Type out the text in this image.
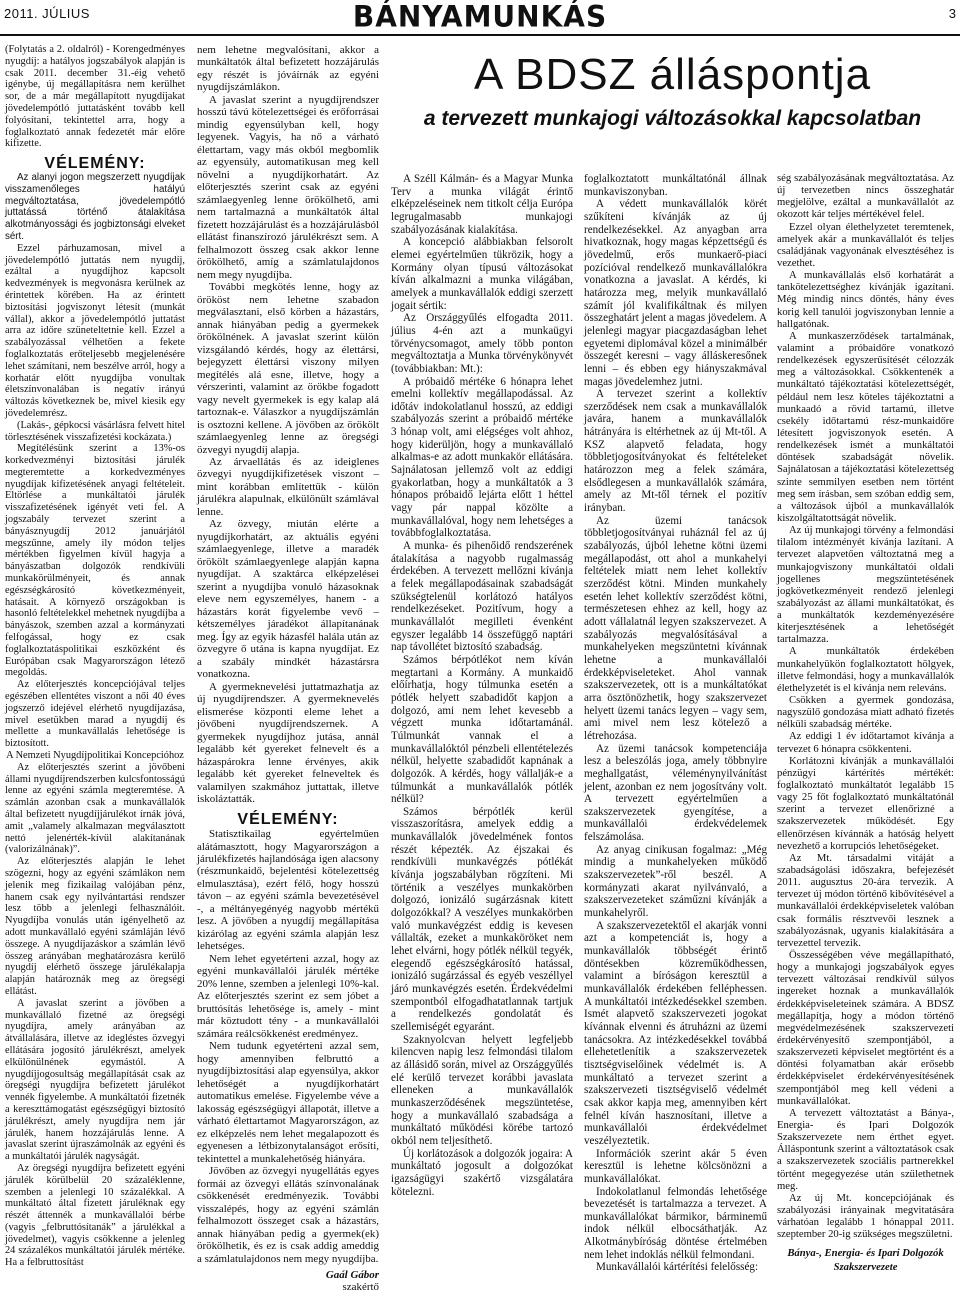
2011. JÚLIUS	BÁNYAMUNKÁS	3

(Folytatás a 2. oldalról) - Korengedményes nyugdíj: a hatályos jogszabályok alapján is csak 2011. december 31.-éig vehető igénybe, új megállapításra nem kerülhet sor, de a már megállapított nyugdíjakat jövedelempótló juttatásként tovább kell folyósítani, tekintettel arra, hogy a foglalkoztató annak fedezetét már előre kifizette.

VÉLEMÉNY:

Az alanyi jogon megszerzett nyugdíjak visszamenőleges hatályú megváltoztatása, jövedelempótló juttatássá történő átalakítása alkotmányossági és jogbiztonsági elveket sért.

Ezzel párhuzamosan, mivel a jövedelempótló juttatás nem nyugdíj, ezáltal a nyugdíjhoz kapcsolt kedvezmények is megvonásra kerülnek az érintettek körében. Ha az érintett biztosítási jogviszonyt létesít (munkát vállal), akkor a jövedelempótló juttatást arra az időre szüneteltetnie kell. Ezzel a szabályozással vélhetően a fekete foglalkoztatás erőteljesebb megjelenésére lehet számítani, nem beszélve arról, hogy a korhatár előtt nyugdíjba vonultak életszínvonalában is negatív irányú változás következnek be, mivel kiesik egy jövedelemrész.

(Lakás-, gépkocsi vásárlásra felvett hitel törlesztésének visszafizetési kockázata.)

Megítélésünk szerint a 13%-os korkedvezményi biztosítási járulék megteremtette a korkedvezményes nyugdíjak kifizetésének anyagi feltételeit. Eltörlése a munkáltatói járulék visszafizetésének igényét veti fel. A jogszabály tervezet szerint a bányásznyugdíj 2012 januárjától megszűnne, amely ily módon teljes mértékben figyelmen kívül hagyja a bányászatban dolgozók rendkívüli munkakörülményeit, és annak egészségkárosító következményeit, hatásait. A környező országokban is hasonló feltételekkel mehetnek nyugdíjba a bányászok, szemben azzal a kormányzati felfogással, hogy ez csak foglalkoztatáspolitikai eszközként és Európában csak Magyarországon létező megoldás.

Az előterjesztés koncepciójával teljes egészében ellentétes viszont a női 40 éves jogszerző idejével elérhető nyugdíjazása, mivel esetükben marad a nyugdíj és mellette a munkavállalás lehetősége is biztosított.

A Nemzeti Nyugdíjpolitikai Koncepcióhoz

Az előterjesztés szerint a jövőbeni állami nyugdíjrendszerben kulcsfontosságú lenne az egyéni számla megteremtése. A számlán azonban csak a munkavállalók által befizetett nyugdíjjárulékot írnák jóvá, amit „valamely alkalmazan megválasztott nettó jelenérték-kívül alakítanának (valorizálnának)”.

Az előterjesztés alapján le lehet szögezni, hogy az egyéni számlákon nem jelenik meg fizikailag valójában pénz, hanem csak egy nyilvántartási rendszer lesz több a jelenlegi felhasználóit. Nyugdíjba vonulás után igényelhető az adott munkavállaló egyéni számláján lévő összege. A nyugdíjazáskor a számlán lévő összeg arányában meghatározásra kerülő nyugdíj elérhető összege járulékalapja alapján határoznák meg az öregségi ellátást.

A javaslat szerint a jövőben a munkavállaló fizetné az öregségi nyugdíjra, amely arányában az átvállalására, illetve az idegléstes özvegyi ellátására jogosító járulékrészt, amelyek elkülönülnének egymástól. A nyugdíjjogosultság megállapítását csak az öregségi nyugdíjra befizetett járulékot vennék figyelembe. A munkáltatói fizetnék a kereszttámogatást egészségügyi biztosító járulékrészt, amely nyugdíjra nem jár járulék, hanem hozzájárulás lenne. A javaslat szerint újraszámolnák az egyéni és a munkáltatói járulék nagyságát.

Az öregségi nyugdíjra befizetett egyéni járulék körülbelül 20 százaléklenne, szemben a jelenlegi 10 százalékkal. A munkáltató által fizetett járuléknak egy részét áttennék a munkavállalói bérbe (vagyis „felbruttósítanák” a járulékkal a jövedelmet), vagyis csökkenne a jelenleg 24 százalékos munkáltatói járulék mértéke. Ha a felbruttosítást

nem lehetne megvalósítani, akkor a munkáltatók által befizetett hozzájárulás egy részét is jóváírnák az egyéni nyugdíjszámlákon.

A javaslat szerint a nyugdíjrendszer hosszú távú kötelezettségei és erőforrásai mindig egyensúlyban kell, hogy legyenek. Vagyis, ha nő a várható élettartam, vagy más okból megbomlik az egyensúly, automatikusan meg kell növelni a nyugdíjkorhatárt. Az előterjesztés szerint csak az egyéni számlaegyenleg lenne örökölhető, ami nem tartalmazná a munkáltatók által fizetett hozzájárulást és a hozzájárulásból ellátást finanszírozó járulékrészt sem. A felhalmozott összeg csak akkor lenne örökölhető, amíg a számlatulajdonos nem megy nyugdíjba.

További megkötés lenne, hogy az örököst nem lehetne szabadon megválasztani, első körben a házastárs, annak hiányában pedig a gyermekek örökölnének. A javaslat szerint külön vizsgálandó kérdés, hogy az élettársi, bejegyzett élettársi viszony milyen megítélés alá esne, illetve, hogy a vérszerinti, valamint az örökbe fogadott vagy nevelt gyermekek is egy kalap alá tartoznak-e. Válaszkor a nyugdíjszámlán is osztozni kellene. A jövőben az örökölt számlaegyenleg lenne az öregségi özvegyi nyugdíj alapja.

Az árvaellátás és az ideiglenes özvegyi nyugdíjkifizetések viszont – mint korábban említettük - külön járulékra alapulnak, elkülönült számlával lenne.

Az özvegy, miután elérte a nyugdíjkorhatárt, az aktuális egyéni számlaegyenlege, illetve a maradék örökölt számlaegyenlege alapján kapna nyugdíjat. A szaktárca elképzelései szerint a nyugdíjba vonuló házasoknak eleve nem egyszemélyes, hanem - a házastárs korát figyelembe vevő – kétszemélyes járadékot állapítanának meg. Így az egyik házasfél halála után az özvegyre ő utána is kapna nyugdíjat. Ez a szabály mindkét házastársra vonatkozna.

A gyermeknevelési juttatmazhatja az új nyugdíjrendszer. A gyermeknevelés elismerése központi eleme lehet a jövőbeni nyugdíjrendszernek. A gyermekek nyugdíjhoz jutása, annál legalább két gyereket felnevelt és a házaspárokra lenne érvényes, akik legalább két gyereket felneveltek és valamilyen szakmához juttattak, illetve iskoláztatták.

VÉLEMÉNY:

Statisztikailag egyértelműen alátámasztott, hogy Magyarországon a járulékfizetés hajlandósága igen alacsony (részmunkaidő, bejelentési kötelezettség elmulasztása), ezért félő, hogy hosszú távon – az egyéni számla bevezetésével -, a méltányegényég nagyobb mértékű lesz. A jövőben a nyugdíj megállapítása kizárólag az egyéni számla alapján lesz lehetséges.

Nem lehet egyetérteni azzal, hogy az egyéni munkavállalói járulék mértéke 20% lenne, szemben a jelenlegi 10%-kal. Az előterjesztés szerint ez sem jóbet a bruttósítás lehetősége is, amely - mint már köztudott tény - a munkavállalói számára reálcsökkenést eredményez.

Nem tudunk egyetérteni azzal sem, hogy amennyiben felbruttó a nyugdíjbiztosítási alap egyensúlya, akkor lehetőségét a nyugdíjkorhatárt automatikus emelése. Figyelembe véve a lakosság egészségügyi állapotát, illetve a várható élettartamot Magyarországon, az ez elképzelés nem lehet megalapozott és egyenesen a létbizonytalanságot erősíti, tekintettel a munkalehetőség hiányára.

Jövőben az özvegyi nyugellátás egyes formái az özvegyi ellátás színvonalának csökkenését eredményezik. További visszalépés, hogy az egyéni számlán felhalmozott összeget csak a házastárs, annak hiányában pedig a gyermek(ek) örökölhetik, és ez is csak addig ameddig a számlatulajdonos nem megy nyugdíjba.

Gaál Gábor
szakértő
A BDSZ álláspontja
a tervezett munkajogi változásokkal kapcsolatban

A Széll Kálmán- és a Magyar Munka Terv a munka világát érintő elképzeléseinek nem titkolt célja Európa legrugalmasabb munkajogi szabályozásának kialakítása.

A koncepció alábbiakban felsorolt elemei egyértelműen tükrözik, hogy a Kormány olyan típusú változásokat kíván alkalmazni a munka világában, amelyek a munkavállalók eddigi szerzett jogait sértik:

Az Országgyűlés elfogadta 2011. július 4-én azt a munkaügyi törvénycsomagot, amely több ponton megváltoztatja a Munka törvénykönyvét (továbbiakban: Mt.):

A próbaidő mértéke 6 hónapra lehet emelni kollektív megállapodással. Az időtáv indokolatlanul hosszú, az eddigi szabályozás szerint a próbaidő mértéke 3 hónap volt, ami elégséges volt ahhoz, hogy kiderüljön, hogy a munkavállaló alkalmas-e az adott munkakör ellátására. Sajnálatosan jellemző volt az eddigi gyakorlatban, hogy a munkáltatók a 3 hónapos próbaidő lejárta előtt 1 héttel vagy pár nappal közölte a munkavállalóval, hogy nem lehetséges a továbbfoglalkoztatása.

A munka- és pihenőidő rendszerének átalakítása a nagyobb rugalmasság érdekében. A tervezett mellőzni kívánja a felek megállapodásainak szabadságát szükségtelenül korlátozó hatályos rendelkezéseket. Pozitívum, hogy a munkavállalót megilleti évenként egyszer legalább 14 összefüggő naptári nap távollétet biztosító szabadság.

Számos bérpótlékot nem kíván megtartani a Kormány. A munkaidő előírhatja, hogy túlmunka esetén a pótlék helyett szabadidőt kapjon a dolgozó, ami nem lehet kevesebb a végzett munka időtartamánál. Túlmunkát vannak el a munkavállalóktól pénzbeli ellentételezés nélkül, helyette szabadidőt kapnának a dolgozók. A kérdés, hogy vállalják-e a túlmunkát a munkavállalók pótlék nélkül?

Számos bérpótlék kerül visszaszorításra, amelyek eddig a munkavállalók jövedelmének fontos részét képezték. Az éjszakai és rendkívüli munkavégzés pótlékát kívánja jogszabályban rögzíteni. Mi történik a veszélyes munkakörben dolgozó, ionizáló sugárzásnak kitett dolgozókkal? A veszélyes munkakörben való munkavégzést eddig is kevesen vállalták, ezeket a munkaköröket nem lehet elvárni, hogy pótlék nélkül tegyék, elegendő egészségkárosító hatással, ionizáló sugárzással és egyéb veszéllyel járó munkavégzés esetén. Érdekvédelmi szempontból elfogadhatatlannak tartjuk a rendelkezés gondolatát és szellemiségét egyaránt.

Szaknyolcvan helyett legfeljebb kilencven napig lesz felmondási tilalom az állásidő során, mivel az Országgyűlés elé kerülő tervezet korábbi javaslata elleneken a munkavállalók munkaszerződésének megszüntetése, hogy a munkavállaló szabadsága a munkáltató működési körébe tartozó okból nem teljesíthető.

Új korlátozások a dolgozók jogaira: A munkáltató jogosult a dolgozókat igazságügyi szakértő vizsgálatára kötelezni.

foglalkoztatott munkáltatónál állnak munkaviszonyban.

A védett munkavállalók körét szűkíteni kívánják az új rendelkezésekkel. Az anyagban arra hivatkoznak, hogy magas képzettségű és jövedelmű, erős munkaerő-piaci pozícióval rendelkező munkavállalókra vonatkozna a javaslat. A kérdés, ki határozza meg, melyik munkavállaló számít jól kvalifikáltnak és milyen összeghatárt jelent a magas jövedelem. A jelenlegi magyar piacgazdaságban lehet egyetemi diplomával közel a minimálbér összegét keresni – vagy álláskeresőnek lenni – és ebben egy hiányszakmával magas jövedelemhez jutni.

A tervezet szerint a kollektív szerződések nem csak a munkavállalók javára, hanem a munkavállalók hátrányára is eltérhetnek az új Mt-től. A KSZ alapvető feladata, hogy többletjogosítványokat és feltételeket határozzon meg a felek számára, elsődlegesen a munkavállalók számára, amely az Mt-től térnek el pozitív irányban.

Az üzemi tanácsok többletjogosítványai ruháznál fel az új szabályozás, újból lehetne kötni üzemi megállapodást, ott ahol a munkahelyi feltételek miatt nem lehet kollektív szerződést kötni. Minden munkahely esetén lehet kollektív szerződést kötni, természetesen ehhez az kell, hogy az adott vállalatnál legyen szakszervezet. A szabályozás megvalósításával a munkahelyeken megszüntetni kívánnak lehetne a munkavállalói érdekképviseleteket. Ahol vannak szakszervezetek, ott is a munkáltatókat arra ösztönözhetik, hogy szakszervezet helyett üzemi tanács legyen – vagy sem, ami mivel nem lesz kötelező a létrehozása.

Az üzemi tanácsok kompetenciája lesz a beleszólás joga, amely többnyire meghallgatást, véleménynyilvánítást jelent, azonban ez nem jogosítvány volt. A tervezett egyértelműen a szakszervezetek gyengítése, a munkavállalói érdekvédelemek felszámolása.

Az anyag cinikusan fogalmaz: „Még mindig a munkahelyeken működő szakszervezetek”-ről beszél. A kormányzati akarat nyilvánvaló, a szakszervezeteket száműzni kívánják a munkahelyről.

A szakszervezetektől el akarják vonni azt a kompetenciát is, hogy a munkavállalók többségét érintő döntésekben közreműködhessen, valamint a bíróságon keresztül a munkavállalók érdekében felléphessen. A munkáltatói intézkedésekkel szemben. Ismét alapvető szakszervezeti jogokat kívánnak elvenni és átruházni az üzemi tanácsokra. Az intézkedésekkel továbbá ellehetetlenítik a szakszervezetek tisztségviselőinek védelmét is. A munkáltató a tervezet szerint a szakszervezeti tisztségviselő védelmét csak akkor kapja meg, amennyiben kért felnél kíván hasznosítani, illetve a munkavállalói érdekvédelmet veszélyeztetik.

Információk szerint akár 5 éven keresztül is lehetne kölcsönözni a munkavállalókat.

Indokolatlanul felmondás lehetősége bevezetését is tartalmazza a tervezet. A munkavállalókat bármikor, bárminemű indok nélkül elbocsáthatják. Az Alkotmánybíróság döntése értelmében nem lehet indoklás nélkül felmondani.

Munkavállalói kártérítési felelősség:

ség szabályozásának megváltoztatása. Az új tervezetben nincs összeghatár megjelölve, ezáltal a munkavállalót az okozott kár teljes mértékével felel.

Ezzel olyan élethelyzetet teremtenek, amelyek akár a munkavállalót és teljes családjának vagyonának elvesztéséhez is vezethet.

A munkavállalás első korhatárát a tankötelezettséghez kívánják igazítani. Még mindig nincs döntés, hány éves korig kell tanulói jogviszonyban lennie a hallgatónak.

A munkaszerződések tartalmának, valamint a próbaidőre vonatkozó rendelkezések egyszerűsítését célozzák meg a változásokkal. Csökkentenék a munkáltató tájékoztatási kötelezettségét, például nem lesz köteles tájékoztatni a munkaadó a rövid tartamú, illetve csekély időtartamú rész-munkaidőre létesített jogviszonyok esetén. A rendelkezések ismét a munkáltatói döntések szabadságát növelik. Sajnálatosan a tájékoztatási kötelezettség szinte semmilyen esetben nem történt meg sem írásban, sem szóban eddig sem, a változások újból a munkavállalók kiszolgáltatottságát növelik.

Az új munkajogi törvény a felmondási tilalom intézményét kívánja lazítani. A tervezet alapvetően változtatná meg a munkajogviszony munkáltatói oldali jogellenes megszüntetésének jogkövetkezményeit rendező jelenlegi szabályozást az állami munkáltatókat, és a munkáltatók kezdeményezésére kiterjesztésének a lehetőségét tartalmazza.

A munkáltatók érdekében munkahelyükön foglalkoztatott hölgyek, illetve felmondási, hogy a munkavállalók élethelyzetét is el kívánja nem releváns.

Csökken a gyermek gondozása, nagyszülő gondozása miatt adható fizetés nélküli szabadság mértéke.

Az eddigi 1 év időtartamot kívánja a tervezet 6 hónapra csökkenteni.

Korlátozni kívánják a munkavállalói pénzügyi kártérítés mértékét: foglalkoztató munkáltatót legalább 15 vagy 25 főt foglalkoztató munkáltatónál szerint a tervezet ellenőrizné a szakszervezetek működését. Egy ellenőrzésen kívánnák a hatóság helyett nevezhető a korrupciós lehetőségeket.

Az Mt. társadalmi vitáját a szabadságolási időszakra, befejezését 2011. augusztus 20-ára tervezik. A tervezet új módon történő kibővítésével a munkavállalói érdekképviseletek valóban csak formális résztvevői lesznek a szabályozásnak, ugyanis kialakítására a tervezettel tervezik.

Összességében véve megállapítható, hogy a munkajogi jogszabályok egyes tervezett változásai rendkívül súlyos ingereket hoznak a munkavállalók érdekképviseleteinek számára. A BDSZ megállapítja, hogy a módon történő megvédelmezésének szakszervezeti érdekérvényesítő szempontjából, a szakszervezeti képviselet megtörtént és a döntési folyamatban akár erősebb érdekképviselet érdekérvényesítésének szempontjából meg kell védeni a munkavállalókat.

A tervezett változtatást a Bánya-, Energia- és Ipari Dolgozók Szakszervezete nem érthet egyet. Álláspontunk szerint a változtatások csak a szakszervezetek szociális partnerekkel történt megegyezése után születhetnek meg.

Az új Mt. koncepciójának és szabályozási irányainak megvitatására várhatóan legalább 1 hónappal 2011. szeptember 20-ig szükséges megszületni.

Bánya-, Energia- és Ipari Dolgozók Szakszervezete
